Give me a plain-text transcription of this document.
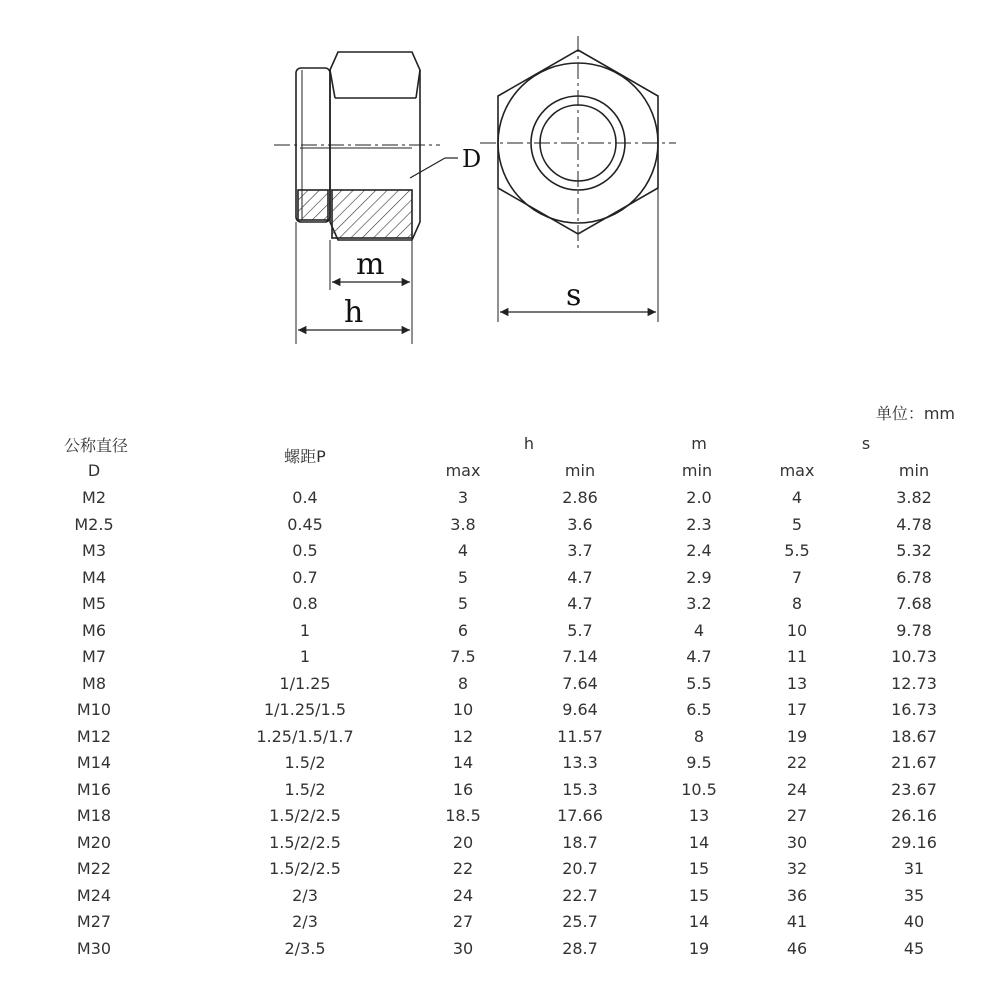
D
m
h	s
单位：mm
公称直径
D
螺距P
h	m	s
max	min	min	max	min
M2	0.4	3	2.86	2.0	4	3.82
M2.5	0.45	3.8	3.6	2.3	5	4.78
M3	0.5	4	3.7	2.4	5.5	5.32
M4	0.7	5	4.7	2.9	7	6.78
M5	0.8	5	4.7	3.2	8	7.68
M6	1	6	5.7	4	10	9.78
M7	1	7.5	7.14	4.7	11	10.73
M8	1/1.25	8	7.64	5.5	13	12.73
M10	1/1.25/1.5	10	9.64	6.5	17	16.73
M12	1.25/1.5/1.7	12	11.57	8	19	18.67
M14	1.5/2	14	13.3	9.5	22	21.67
M16	1.5/2	16	15.3	10.5	24	23.67
M18	1.5/2/2.5	18.5	17.66	13	27	26.16
M20	1.5/2/2.5	20	18.7	14	30	29.16
M22	1.5/2/2.5	22	20.7	15	32	31
M24	2/3	24	22.7	15	36	35
M27	2/3	27	25.7	14	41	40
M30	2/3.5	30	28.7	19	46	45
